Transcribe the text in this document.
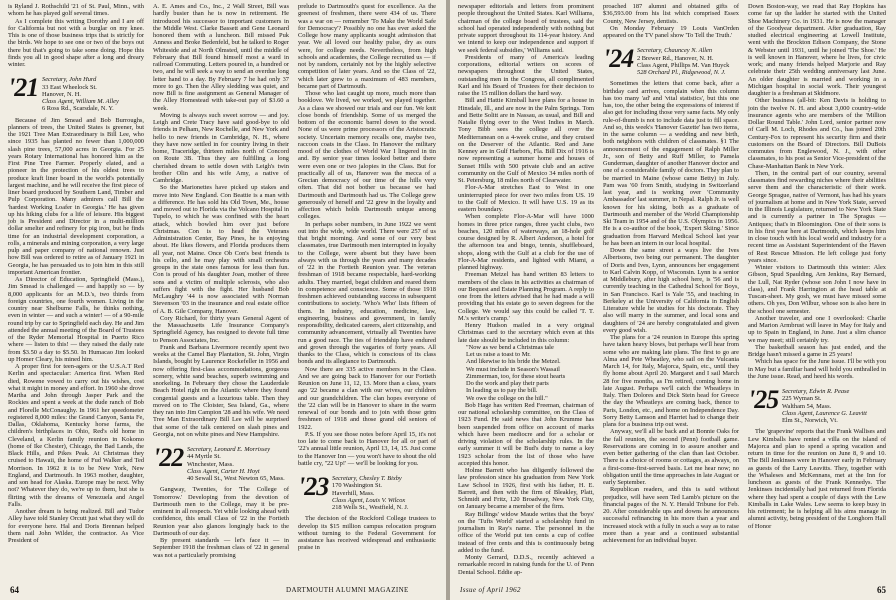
is Ryland J. Rothschild '21 of St. Paul, Minn., with whom he has played golf several times.

As I complete this writing Dorothy and I are off for California but not with a burglar on my knee. This is one of those business trips that is strictly for the birds. We hope to see one or two of the boys out there but that's going to take some doing. Hope this finds you all in good shape after a long and dreary winter.

'21 Secretary, John Hurd
33 East Wheelock St.
Hanover, N. H.
Class Agent, William M. Alley
6 Ross Rd., Scarsdale, N. Y.

Because of Jim Smead and Bob Burroughs, planners of trees, the United States is greener, but the 1921 Tree Man Extraordinary is Bill Lee, who since 1935 has planted no fewer than 1,000,000 slash pine trees, 57,000 acres in Georgia. For 25 years Rotary International has honored him as the First Pine Tree Farmer. Properly elated, and a pioneer in the protection of his oldest trees to produce kraft liner board in the world's potentially largest machine, and he will receive the first piece of liner board produced by Southern Land, Timber and Pulp Corporation. Many admirers call Bill the 'hardest Working Loafer in Georgia.' He has given up his hiking clubs for a life of leisure. His biggest job is President and Director in a multi-million dollar smelter and refinery for pig iron, but he finds time for an industrial development corporation, a rolls, a minerals and mining corporation, a very large pulp and paper company of national renown. Just how Bill was ordered to retire as of January 1921 in Georgia, he has persuaded us to join him in this still important American frontier.

As Director of Education, Springfield (Mass.), Jim Smead is challenged — and happily so — by 8,000 applicants for an M.D.'s, two thirds from foreign countries, one fourth women. Living in the country near Shelburne Falls, he thinks nothing, even in winter — and such a winter! — of a 90-mile round trip by car to Springfield each day. He and Jim attended the annual meeting of the Board of Trustees of the Ryder Memorial Hospital in Puerto Rico where — listen to this! — they raised the daily rate from $3.50 a day to $5.50. In Humacao Jim looked up Homer Cleary, his mined him.

A proper first for teen-agers or the U.S.A.T Red Kerlin and spectacular: America first. When Red died, Rowene vowed to carry out his wishes, cost what it might in money and effort. In 1960 she drove Martha and John through Jasper Park and the Rockies and spent a week at the dude ranch of Bob and Florelle McConaughy. In 1961 her speedometer registered 8,000 miles: the Grand Canyon, Santa Fe, Dallas, Oklahoma, Kentucky horse farms, the children's birthplaces in Ohio, Red's old home in Cleveland, a Kerlin family reunion in Kokomo (home of Ike Chester), Chicago, the Bad Lands, the Black Hills, and Pikes Peak. At Christmas they cruised to Hawaii, the home of Fud Walker and Ted Morrison. In 1962 it is to be New York, New England, and Dartmouth. In 1963 mother, daughter, and son head for Alaska. Europe may be next. Why not? Whatever they do, we're up to them, but she is flirting with the dreams of Venezuela and Angel Falls.

Another dream is being realized. Bill and Tudor Alley have told Stanley Orcutt just what they will do for everyone here. Hal and Doris Brennan helped them nail John Wilder, the contractor. As Vice President of

A. E. Ames and Co., Inc., 2 Wall Street, Bill was hardly busier than he is now in retirement. He introduced his successor to important customers in the Middle West. Clarke Bassett and Gene Leonard honored them with a luncheon. Bill missed Puk Anness and Broke Bedenfeld, but he talked to Roger Whiteside and at North Olmsted, until the middle of February that Bill found himself most a ward in railroad Commuting. Letters poured in, a hundred or two, and he will seek a way to send an overdue long letter hand to a day. By February 7 he had only 37 more to go. Then the Alley sledding was quiet, and now Bill is fine assignment as General Manager of the Alley Homestead with take-out pay of $3.60 a week.

Moving is always such sweet sorrow — and joy. Leigh and Crete Tracy have said good-bye to old friends in Pelham, New Rochelle, and New York and hello to new friends in Cambridge, N. H., where they have now settled in for country living in their home, Traceridge, thirteen miles north of Concord on Route 3B. Thus they are fulfilling a long cherished dream to settle down with Leigh's twin brother Olin and his wife Amy, a native of Cambridge.

So the Marionettes have picked up stakes and move into New England. Con Beattie is a man with a difference. He has sold his Old Town, Me., house and moved out to Florida via the Volcano Hospital in Tupelo, to which he was confined with the heart attack, which bowled him over just before Christmas. Con is to head the Veterans Administration Center, Bay Pines, he is enjoying about. He likes flowers, and Florida produces them all year, not Maine. Once Ob Con's best friends is his cello, and he may play with small orchestra groups in the state ones famous for less than fun. Con is proud of his daughter Joan, mother of three sons and a victim of multiple sclerosis, who also suffers fight with the fight. Her husband Bob McLaughry '44 is now associated with Norman Stevenson '03 in the insurance and real estate office of A. B. Gile Company, Hanover.

Cory Richard, for thirty years General Agent of the Massachusetts Life Insurance Company's Springfield Agency, has resigned to devote full time to Penson Associates, Inc.

Frank and Barbara Livermore recently spent two weeks at the Camel Bay Plantation, St. John, Virgin Islands, bought by Laurence Rockefeller in 1956 and now offering first-class accommodations, gorgeous scenery, white sand beaches, superb swimming and snorkeling. In February they chose the Lauderdale Beach Hotel right on the Atlantic where they found congenial guests and a luxurious table. Then they moved on to The Cloister, Sea Island, Ga., where they ran into Jim Campion '28 and his wife. We need Tree Man Extraordinary Bill Lee will be surprised that some of the talk centered on slash pines and Georgia, not on white pines and New Hampshire.

'22 Secretary, Leonard E. Morrissey
44 Myrtle St.
Winchester, Mass.
Class Agent, Carter H. Hoyt
40 Sewall St., West Newton 65, Mass.

Gangway, Twenties, for 'The College of Tomorrow.' Developing from the devotion of Dartmouth men to the College, may it be pre-eminent in all respects. Yet while looking ahead with confidence, this small Class of '22 in the Fortieth Reunion year also glances longingly back to the Dartmouth of our day.

By present standards — let's face it — in September 1918 the freshman class of '22 in general was not a particularly promising

prelude to Dartmouth's quest for excellence. As the greenest of freshmen, there were 434 of us. There was a war on — remember 'To Make the World Safe for Democracy'? Possibly no one has ever asked the College how many applicants sought admission that year. We all loved our healthy pulse, dry as ours were, for college needs. Nevertheless, from high schools and academies, the College recruited us — if not by random, certainly not by the highly selective competition of later years. And so the Class of '22, which later grew to a maximum of 483 members, became part of Dartmouth.

Those who last caught up more, much more than booklove. We lived, we worked, we played together. As a class we showed our trials and our fun. We knit close bonds of friendship. Some of us merged the bottom of the economic barrel down to the wood. None of us were prime processors of the Aristocratic society. Uncertain memory recalls one, maybe two, raccoon coats in the Class. In Hanover the military mood of the clothes of World War I lingered in tin and. By senior year times looked better and there were even one or two jalopies in the Class. But for practically all of us, Hanover was the mecca of a Grecian democracy of our time of the hills very often. That did not bother us because we had Dartmouth and Dartmouth had us. The College grew generously of herself and '22 grew in the loyalty and affection which holds Dartmouth unique among colleges.

In perhaps sober numbers, in June 1922 we went out into the wide, wide world. There were 257 of us that bright morning. And some of our very best classmates, true Dartmouth men interrupted in loyalty to the College, were absent but they have been always with us through the years and many decades of '22 in the Fortieth Reunion year. The veteran freshman of 1918 became respectable, hard-working adults. They married, begat children and reared them in competence and conscience. Some of those 1918 freshmen achieved outstanding success in subsequent contributions to society. 'Who's Who' lists fifteen of them. In industry, education, medicine, law, engineering, business and government, in family responsibility, dedicated careers, alert citizenship, and community advancement, virtually all Twenties have run a good race. The ties of friendship have endured and grown through the vagaries of forty years. All thanks to the Class, which is conscious of its class bonds and its allegiance to Dartmouth.

Now there are 335 active members in the Class. And we are going back to Hanover for our Fortieth Reunion on June 11, 12, 13. More than a class, years ago '22 became a clan with our wives, our children and our grandchildren. The clan hopes everyone of the '22 clan will be in Hanover to share in the warm renewal of our bonds and to join with those grim freshmen of 1918 and those grand old seniors of 1922.

P.S. If you see those notes before April 15, it's not too late to come back to Hanover for all or part of '22's annual little reunion, April 13, 14, 15. Just come to the Hanover Inn — you won't have to shout the old battle cry, ''22 Up!' — we'll be looking for you.

'23 Secretary, Chesley T. Bixby
170 Washington St.
Haverhill, Mass.
Class Agent, Louis V. Wilcox
218 Wells St., Westfield, N. J.

The decision of the Rockford College trustees to develop its $15 million campus relocation program without turning to the Federal Government for assistance has received widespread and enthusiastic praise in

64	DARTMOUTH ALUMNI MAGAZINE

newspaper editorials and letters from prominent people throughout the United States. Karl Williams, chairman of the college board of trustees, said the school had operated independently with nothing but private support throughout its 114-year history. And we intend to keep our independence and support if we seek federal subsidies,' Williams said.

Presidents of many of America's leading corporations, editorial writers on scores of newspapers throughout the United States, outstanding men in the Congress, all complimented Karl and his Board of Trustees for their decision to raise the 15 million dollars the hard way.

Bill and Hattie Kimball have plans for a house in Hinsdale, Ill., and are now in the Palm Springs. Tom and Bette Solitt are in Nassau, as usual, and Bill and Natalie flying over to the West Indies in March. Tony Bibb sees the college all over the Mediterranean on a 4-week cruise, and they cruised on the Deserver of the Atlantic. Red and Jane Kenney are in Gulf Harbors, Fla. Bill Dix of 1916 is now representing a summer home and houses of Sunset Hills with 500 private club and an active community on the Gulf of Mexico 34 miles north of St. Petersburg, 18 miles north of Clearwater.

Flor-A-Mar stretches East to West in one uninterrupted piece for over two miles from US. 19 to the Gulf of Mexico. It will have U.S. 19 as its eastern boundary.

When complete Flor-A-Mar will have 1000 homes in three price ranges, three yacht clubs, two beaches, 120 miles of waterways, an 18-hole golf course designed by R. Albert Anderson, a hotel for the afternoon tea and bingo, tennis, shuffleboard, shops, along with the Gulf at a club for the use of Flor-A-Mar residents, and lighted with Miami, a planned highway.

Freeman Metzel has hand written 83 letters to members of the class in his activities as chairman of our Bequest and Estate Planning Program. A reply to one from the letters advised that he had made a will providing that his estate go to seven degrees for the College. We would say this could be called 'T. T. M.'s writer's cramp.'

Henry Hudson mailed in a very original Christmas card to the secretary which even at this late date should be included in this column:

"Now as we bend a Christmas tale
Let us raise a toast to Mr.
And likewise to his bride the Metzel.
We must include in Season's Wassail
Zimmerman, too, for these stout hearts
Do the work and play their parts
In leading us to pay the bill.
We owe the college on the hill."

Bob Hage has written Red Freeman, chairman of our national scholarship committee, on the Class of 1923 Fund. He said news that John Krumme has been suspended from office on account of marks which have been mediocre and for a scholar or driving violation of the scholarship rules. In the early summer it will be Bud's duty to name a key 1923 scholar from the list of those who have accepted this honor.

Holme Barrett who has diligently followed the law profession since his graduation from New York Law School in 1926, first with his father, H. E. Barrett, and then with the firm of Bleakley, Platt, Schmidt and Fritz, 120 Broadway, New York City, on January became a member of the firm.

Ray Billings' widow Maude writes that the 'boys' on the 'Tufts World' started a scholarship fund in journalism in Ray's name. The personnel in the office of the World put ten cents a cup of coffee instead of five cents and this is continuously being added to the fund.

Monty Gerrard, D.D.S., recently achieved a remarkable record in raising funds for the U. of Penn Dental School. Eddie ap-

proached 187 alumni and obtained gifts of $36,593.00 from his list which comprised Essex County, New Jersey, dentists.

On Monday February 19 Louis VanOrden appeared on the TV panel show 'To Tell the Truth.'

'24 Secretary, Chauncey N. Allen
2 Brewer Rd., Hanover, N. H.
Class Agent, Phillips M. Van Huyck
528 Orchard Pl., Ridgewood, N. J.

Sometimes the letters that come back, after a birthday card arrives, complain when this column has too many 'ad' and 'vital statistics', but this one has, too, the other being the expressions of interest if also get for including those very same facts. My only rule-of-thumb is not to include data just to fill space. And so, this week's 'Hanover Gazette' has two items, in the same column — a wedding and new birth, both neighbors with children of classmates. §1 The announcement of the engagement of Ralph Miller Jr., son of Betty and Ruff Miller, to Pamela Gunderman, daughter of another Hanover doctor and one of a considerable family of doctors. They plan to be married in Maine (whose came Betty) in July. Pam was '60 from Smith, studying in Switzerland last year, and is working over 'Community Ambassador' last summer, in Nepal. Ralph Jr. is well known for his skiing, both as a graduate of Dartmouth and member of the World Championship Ski Team in 1954 and of the U.S. Olympics in 1956. He is a co-author of the book, 'Expert Skiing.' Since graduation from Harvard Medical School last year he has been an intern in our local hospital.

Down the same street a ways live the Ives Albertsons, two being our permanent. The daughter of Doris and Ives, Lynn, announces her engagement to Karl Calvin Kopp, of Wisconsin. Lynn is a senior at Middlebury, after high school here, is '56 and is currently teaching in the Cathedral School for Boys, in San Francisco. Karl is Yale '55, and teaching in Berkeley at the University of California in English Literature while he studies for his doctorate. They also will marry in the summer, and local sons and daughters of '24 are hereby congratulated and given every good wish.

The plans for a '24 reunion in Europe this spring have taken heavy blows, but perhaps we'll hear from some who are making late plans. The first to go are Alma and Pete Wheatley, who sail on the Vulcania March 14, for Italy, Majorca, Spain, etc., until they fly home about April 20. Margaret and I sail March 28 for five months, as I'm retired, coming home in late August. Perhaps we'll catch the Wheatleys in Italy. Then Dolores and Dick Stein head for Greece the day the Wheatleys are coming back, thence to Paris, London, etc., and home on Independence Day. Sorry Betty Lamson and Harriet had to change their plans for a business trip out west.

Anyway, we'll all be back and at Bonnie Oaks for the fall reunion, the second (Penn) football game. Reservations are coming in to assure another and even better gathering of the clan than last October. There is a choice of rooms or cottages, as always, on a first-come-first-served basis. Let me hear now; no obligation until the time approaches in late August or early September.

Republican readers, and this is said without prejudice, will have seen Ted Lamb's picture on the financial pages of the N. Y. Herald Tribune for Feb. 20. After considerable ups and downs he announces successful refinancing in his more than a year and increased stock with a fully in such a way as to raise more than a year and a continued substantial achievement for an individual buyer.

Down Boston-way, we read that Ray Hopkins has come far up the ladder he started with the United Shoe Machinery Co. in 1931. He is now the manager of the Goodyear department. After graduation, Ray studied electrical engineering at Lowell Institute, went with the Brockton Edison Company, the Stone & Webster until 1931, until he joined 'The Shoe.' He is well known in Hanover, where he lives, for civic work; and many friends helped Marjorie and Ray celebrate their 25th wedding anniversary last June. An older daughter is married and working in a Michigan hospital in social work. Their youngest daughter is a freshman at Skidmore.

Other business (all-bit: Ken Davis is holding to join the twelve N. H. and about 3,000 country-wide insurance agents who are members of the 'Million Dollar Round Table.' John Lord, senior partner now of Carll M. Loch, Rhodes and Co., has joined 20th Century-Fox to represent his security firm and their customers on the Board of Directors. Bill DuBois commutes from Englewood, N. J., with other classmates, to his post as Senior Vice-president of the Chase-Manhattan Bank in New York.

Then, in the central part of our country, several classmates find rewarding niches where their abilities serve them and the characteristic of their work. George Sprague, native of Vermont, has had his years of journalism at home and in New York State, served in the Illinois Legislature, returned to New York State and is currently a partner in The Spragus — Antiques; that's in Bloomington. One of their sons is in his first year here at Dartmouth, which keeps him in close touch with his local world and industry for a recent time as Assistant Superintendent of the Haven of Rest Rescue Mission. He left college just forty years since.

Winter visitors to Dartmouth this winter: Alex Gibson, Spud Spaulding, Arn Jenkins, Ray Bernard, the Lull, Nat Ryder (whose son John I now have in class), and Frank Harrington at the head table at Tuscan-sheet. My gosh, we must have missed some others. Oh yes, Don Wilbur, whose son is also here in the school one semester.

Another traveler, and one I overlooked: Charlie and Marion Armbrust will leave in May for Italy and up to Spain in England, in June. Just a slim chance we may meet; still certainly try.

The basketball season has just ended, and the Bridge hasn't missed a game in 25 years!

Which has space for the June issue. I'll be with you in May but a familiar hand will hold you enthralled in the June issue. Read, and heed his words.

'25 Secretary, Edwin R. Pease
225 Wyman St.
Waltham 54, Mass.
Class Agent, Laurence G. Leavitt
Elm St., Norwich, Vt.

The 'grapevine' reports that the Frank Wallises and Lew Kimballs have rented a villa on the island of Majorca and plan to spend a spring vacation and return in time for the reunion on June 8, 9 and 10. The Bill Jenkinses were in Hanover early in February as guests of the Larry Leavitts. They, together with the Whaleses and McKennans, met at the Inn for luncheon as guests of the Frank Kennedys. The Jenkinses incidentally had just returned from Florida where they had spent a couple of days with the Lew Kimballs in Lake Wales. Lew seems to keep busy in his retirement; he is helping all his aims manage in alumni activity, being president of the Longhorn Hall of Honor

Issue of April 1962	65
